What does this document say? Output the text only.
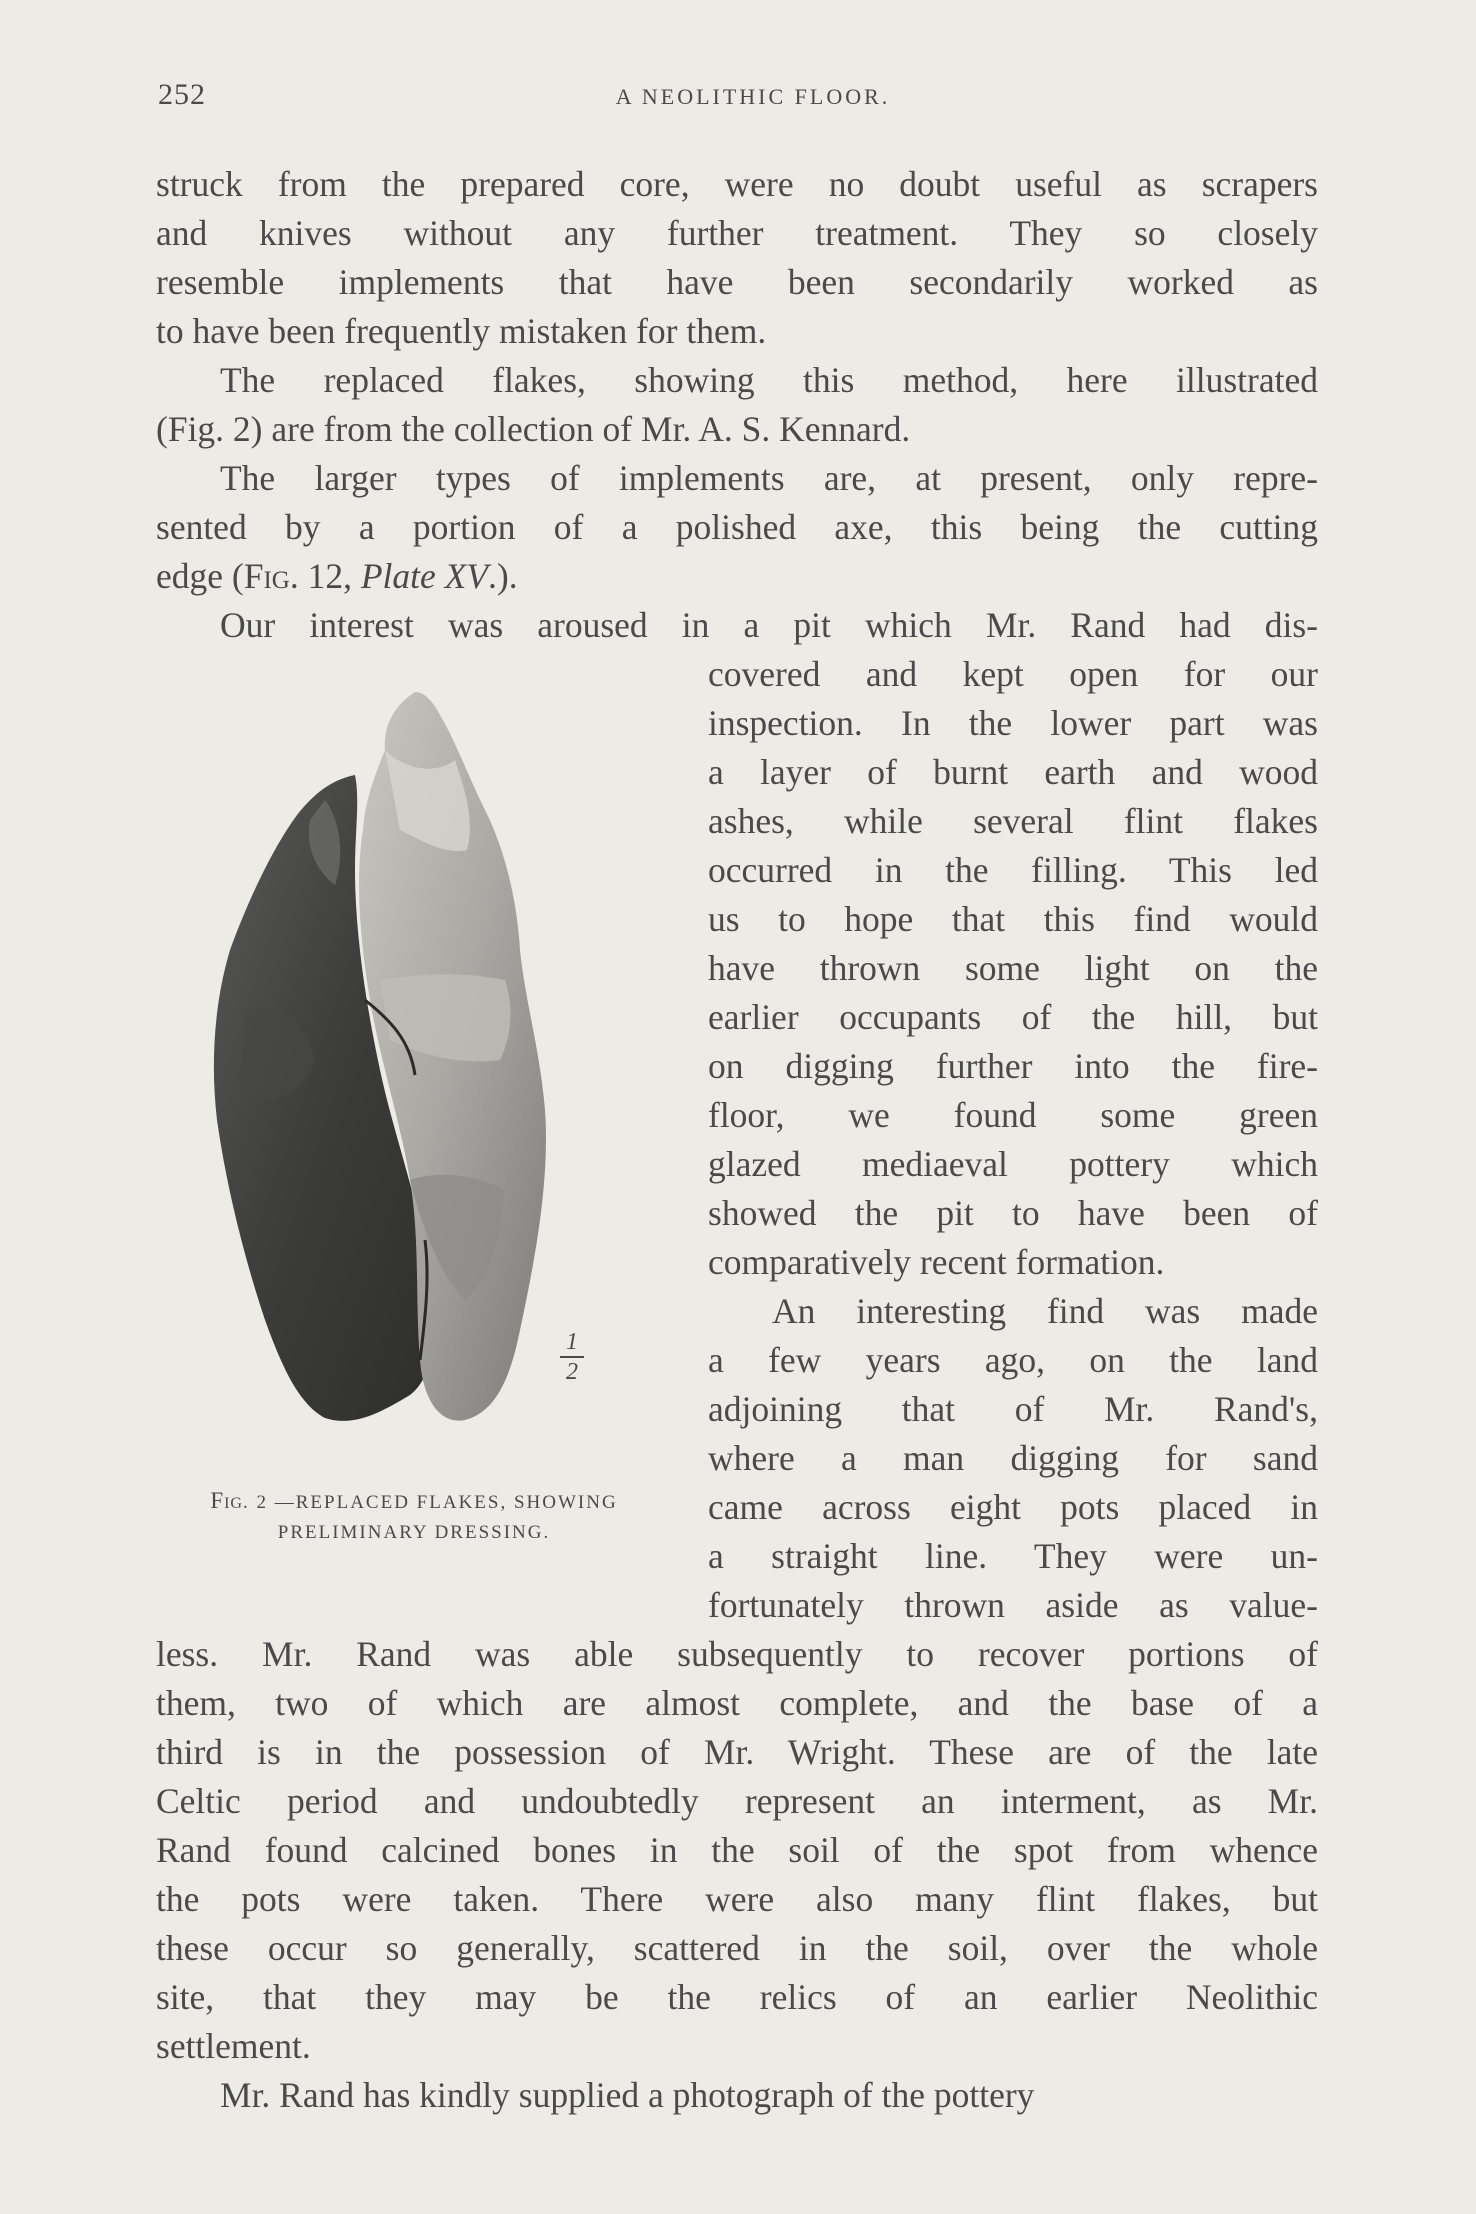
252	A NEOLITHIC FLOOR.
struck from the prepared core, were no doubt useful as scrapers
and knives without any further treatment. They so closely
resemble implements that have been secondarily worked as
to have been frequently mistaken for them.
The replaced flakes, showing this method, here illustrated
(Fig. 2) are from the collection of Mr. A. S. Kennard.
The larger types of implements are, at present, only repre-
sented by a portion of a polished axe, this being the cutting
edge (Fig. 12, Plate XV.).
Our interest was aroused in a pit which Mr. Rand had dis-
covered and kept open for our
inspection. In the lower part was
a layer of burnt earth and wood
ashes, while several flint flakes
occurred in the filling. This led
us to hope that this find would
have thrown some light on the
earlier occupants of the hill, but
on digging further into the fire-
floor, we found some green
glazed mediaeval pottery which
showed the pit to have been of
comparatively recent formation.
An interesting find was made
a few years ago, on the land
adjoining that of Mr. Rand's,
where a man digging for sand
came across eight pots placed in
a straight line. They were un-
fortunately thrown aside as value-
less. Mr. Rand was able subsequently to recover portions of
them, two of which are almost complete, and the base of a
third is in the possession of Mr. Wright. These are of the late
Celtic period and undoubtedly represent an interment, as Mr.
Rand found calcined bones in the soil of the spot from whence
the pots were taken. There were also many flint flakes, but
these occur so generally, scattered in the soil, over the whole
site, that they may be the relics of an earlier Neolithic
settlement.
Mr. Rand has kindly supplied a photograph of the pottery
1
2
Fig. 2 —REPLACED FLAKES, SHOWING PRELIMINARY DRESSING.
